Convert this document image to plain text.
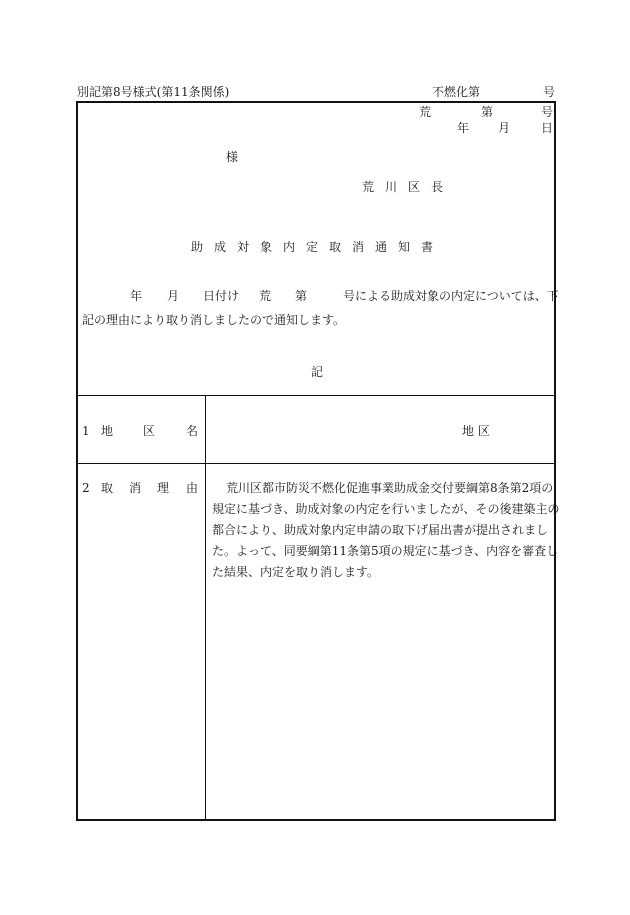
別記第8号様式(第11条関係)	不燃化第	号
荒	第	号
年 月	日
様
荒 川 区 長
助 成 対 象 内 定 取 消 通 知 書
年 月 日付け 荒 第	号による助成対象の内定については、下
記の理由により取り消しましたので通知します。
記
1 地 区	名	地 区
2 取 消 理 由 荒川区都市防災不燃化促進事業助成金交付要綱第8条第2項の
規定に基づき、助成対象の内定を行いましたが、その後建築主の
都合により、助成対象内定申請の取下げ届出書が提出されまし
た。よって、同要綱第11条第5項の規定に基づき、内容を審査し
た結果、内定を取り消します。
